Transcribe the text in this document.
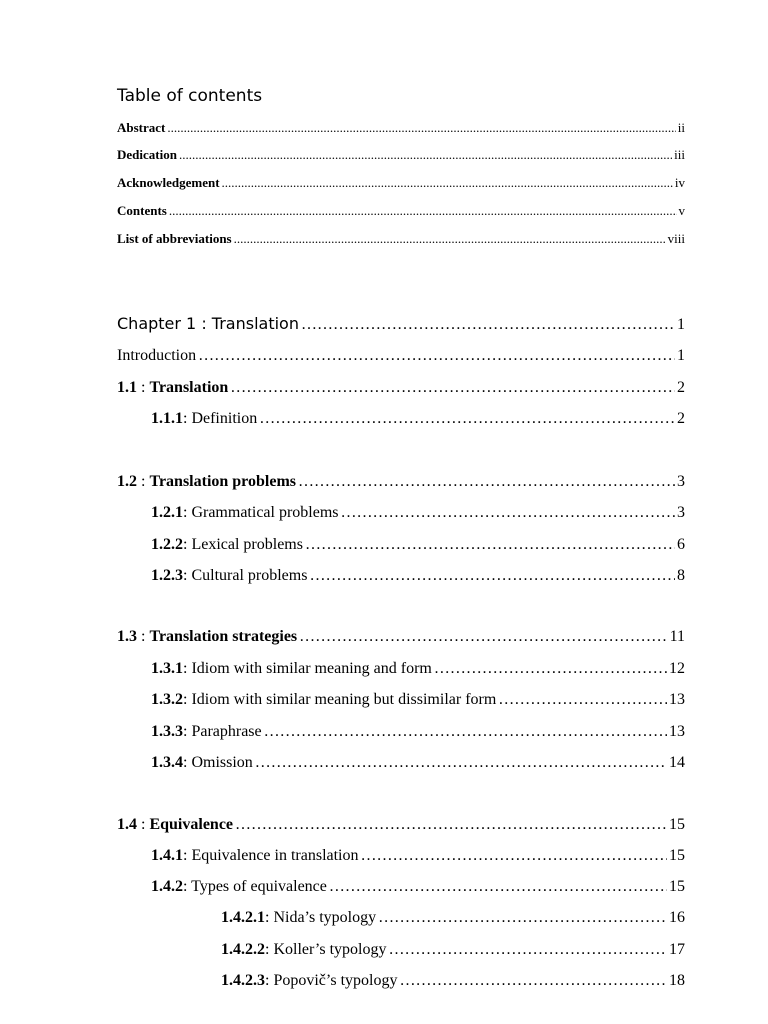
Table of contents
Abstract .....	ii
Dedication .....	iii
Acknowledgement .....	iv
Contents .....	v
List of abbreviations .....	viii
Chapter 1 : Translation ……………………………………………………………………………………………………………………………………………………………………………………………………………………………………………	1
Introduction ……………………………………………………………………………………………………………………………………………………………………………………………………………………………………………	1
1.1 : Translation ……………………………………………………………………………………………………………………………………………………………………………………………………………………………………………	2
1.1.1 : Definition ……………………………………………………………………………………………………………………………………………………………………………………………………………………………………………	2
1.2 : Translation problems ……………………………………………………………………………………………………………………………………………………………………………………………………………………………………………	3
1.2.1 : Grammatical problems ……………………………………………………………………………………………………………………………………………………………………………………………………………………………………………	3
1.2.2 : Lexical problems ……………………………………………………………………………………………………………………………………………………………………………………………………………………………………………	6
1.2.3 : Cultural problems ……………………………………………………………………………………………………………………………………………………………………………………………………………………………………………	8
1.3 : Translation strategies ……………………………………………………………………………………………………………………………………………………………………………………………………………………………………………	11
1.3.1 : Idiom with similar meaning and form ……………………………………………………………………………………………………………………………………………………………………………………………………………………………………………	12
1.3.2 : Idiom with similar meaning but dissimilar form ……………………………………………………………………………………………………………………………………………………………………………………………………………………………………………	13
1.3.3 : Paraphrase ……………………………………………………………………………………………………………………………………………………………………………………………………………………………………………	13
1.3.4 : Omission ……………………………………………………………………………………………………………………………………………………………………………………………………………………………………………	14
1.4 : Equivalence ……………………………………………………………………………………………………………………………………………………………………………………………………………………………………………	15
1.4.1 : Equivalence in translation ……………………………………………………………………………………………………………………………………………………………………………………………………………………………………………	15
1.4.2 : Types of equivalence ……………………………………………………………………………………………………………………………………………………………………………………………………………………………………………	15
1.4.2.1 : Nida’s typology ……………………………………………………………………………………………………………………………………………………………………………………………………………………………………………	16
1.4.2.2 : Koller’s typology ……………………………………………………………………………………………………………………………………………………………………………………………………………………………………………	17
1.4.2.3 : Popovič’s typology ……………………………………………………………………………………………………………………………………………………………………………………………………………………………………………	18
